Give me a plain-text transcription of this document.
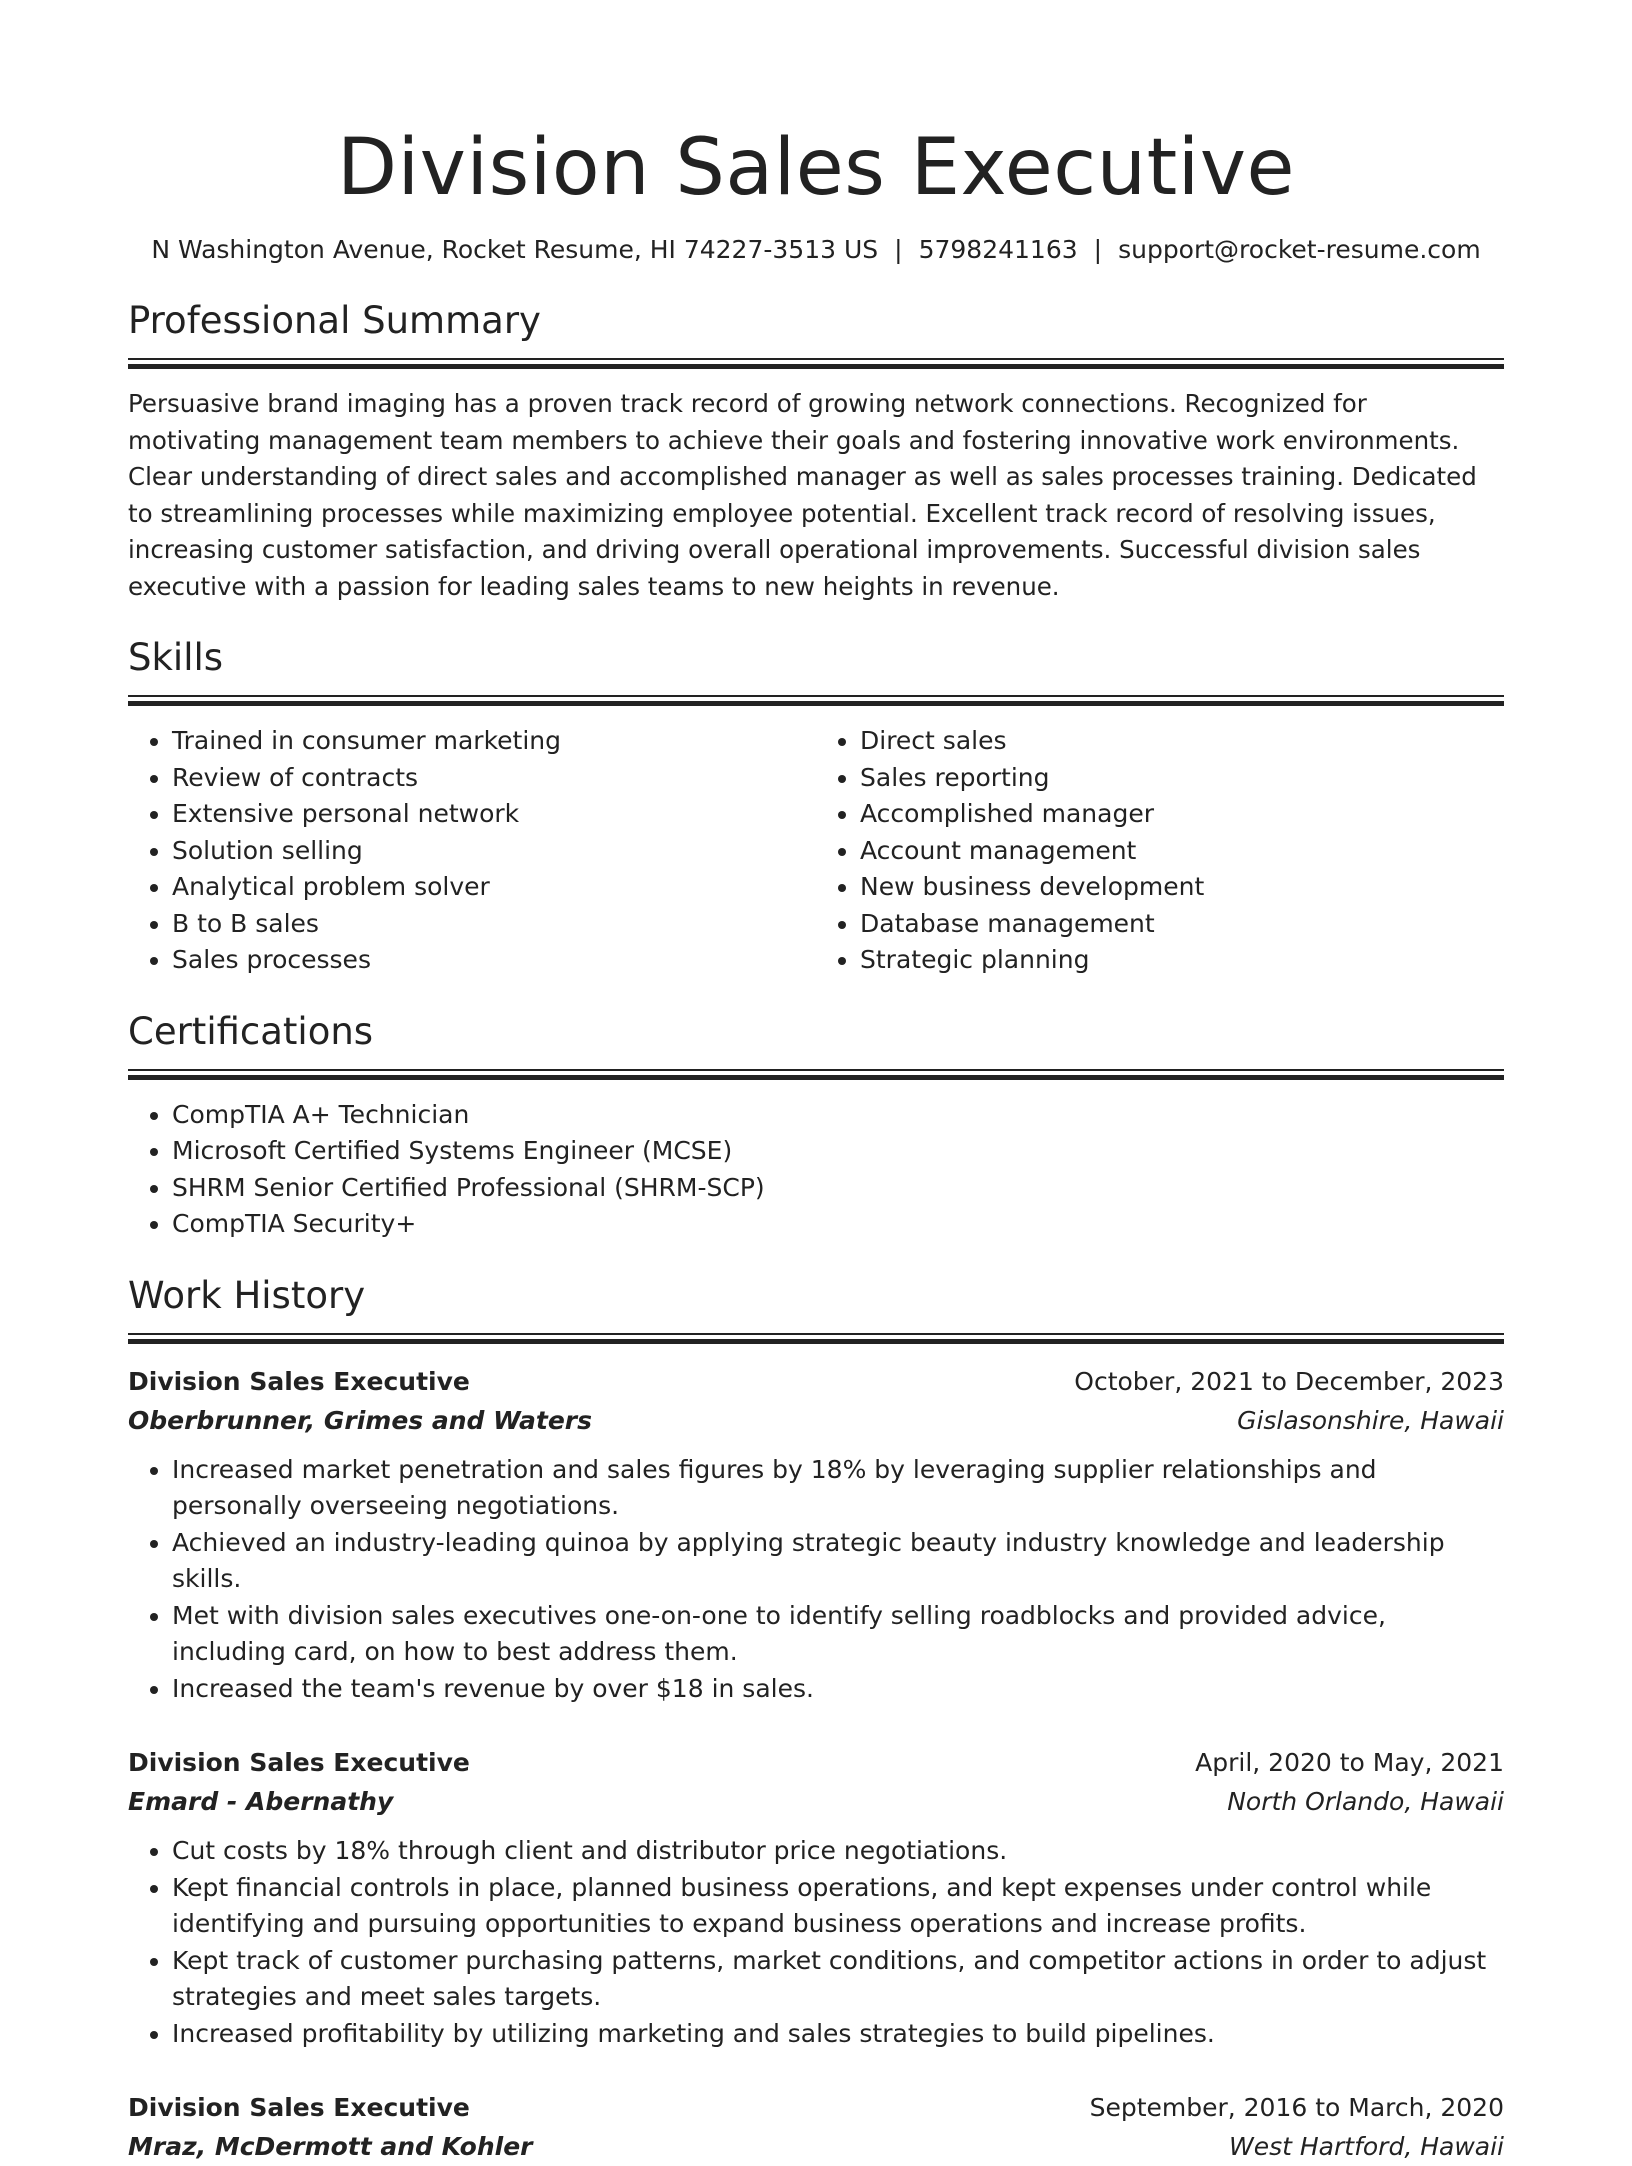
Division Sales Executive
N Washington Avenue, Rocket Resume, HI 74227-3513 US | 5798241163 | support@rocket-resume.com
Professional Summary

Persuasive brand imaging has a proven track record of growing network connections. Recognized for motivating management team members to achieve their goals and fostering innovative work environments. Clear understanding of direct sales and accomplished manager as well as sales processes training. Dedicated to streamlining processes while maximizing employee potential. Excellent track record of resolving issues, increasing customer satisfaction, and driving overall operational improvements. Successful division sales executive with a passion for leading sales teams to new heights in revenue.

Skills
• Trained in consumer marketing
• Review of contracts
• Extensive personal network
• Solution selling
• Analytical problem solver
• B to B sales
• Sales processes
• Direct sales
• Sales reporting
• Accomplished manager
• Account management
• New business development
• Database management
• Strategic planning
Certifications
• CompTIA A+ Technician
• Microsoft Certified Systems Engineer (MCSE)
• SHRM Senior Certified Professional (SHRM-SCP)
• CompTIA Security+
Work History
Division Sales Executive	October, 2021 to December, 2023
Oberbrunner, Grimes and Waters	Gislasonshire, Hawaii
• Increased market penetration and sales figures by 18% by leveraging supplier relationships and personally overseeing negotiations.
• Achieved an industry-leading quinoa by applying strategic beauty industry knowledge and leadership skills.
• Met with division sales executives one-on-one to identify selling roadblocks and provided advice, including card, on how to best address them.
• Increased the team's revenue by over $18 in sales.
Division Sales Executive	April, 2020 to May, 2021
Emard - Abernathy	North Orlando, Hawaii
• Cut costs by 18% through client and distributor price negotiations.
• Kept financial controls in place, planned business operations, and kept expenses under control while identifying and pursuing opportunities to expand business operations and increase profits.
• Kept track of customer purchasing patterns, market conditions, and competitor actions in order to adjust strategies and meet sales targets.
• Increased profitability by utilizing marketing and sales strategies to build pipelines.
Division Sales Executive	September, 2016 to March, 2020
Mraz, McDermott and Kohler	West Hartford, Hawaii
